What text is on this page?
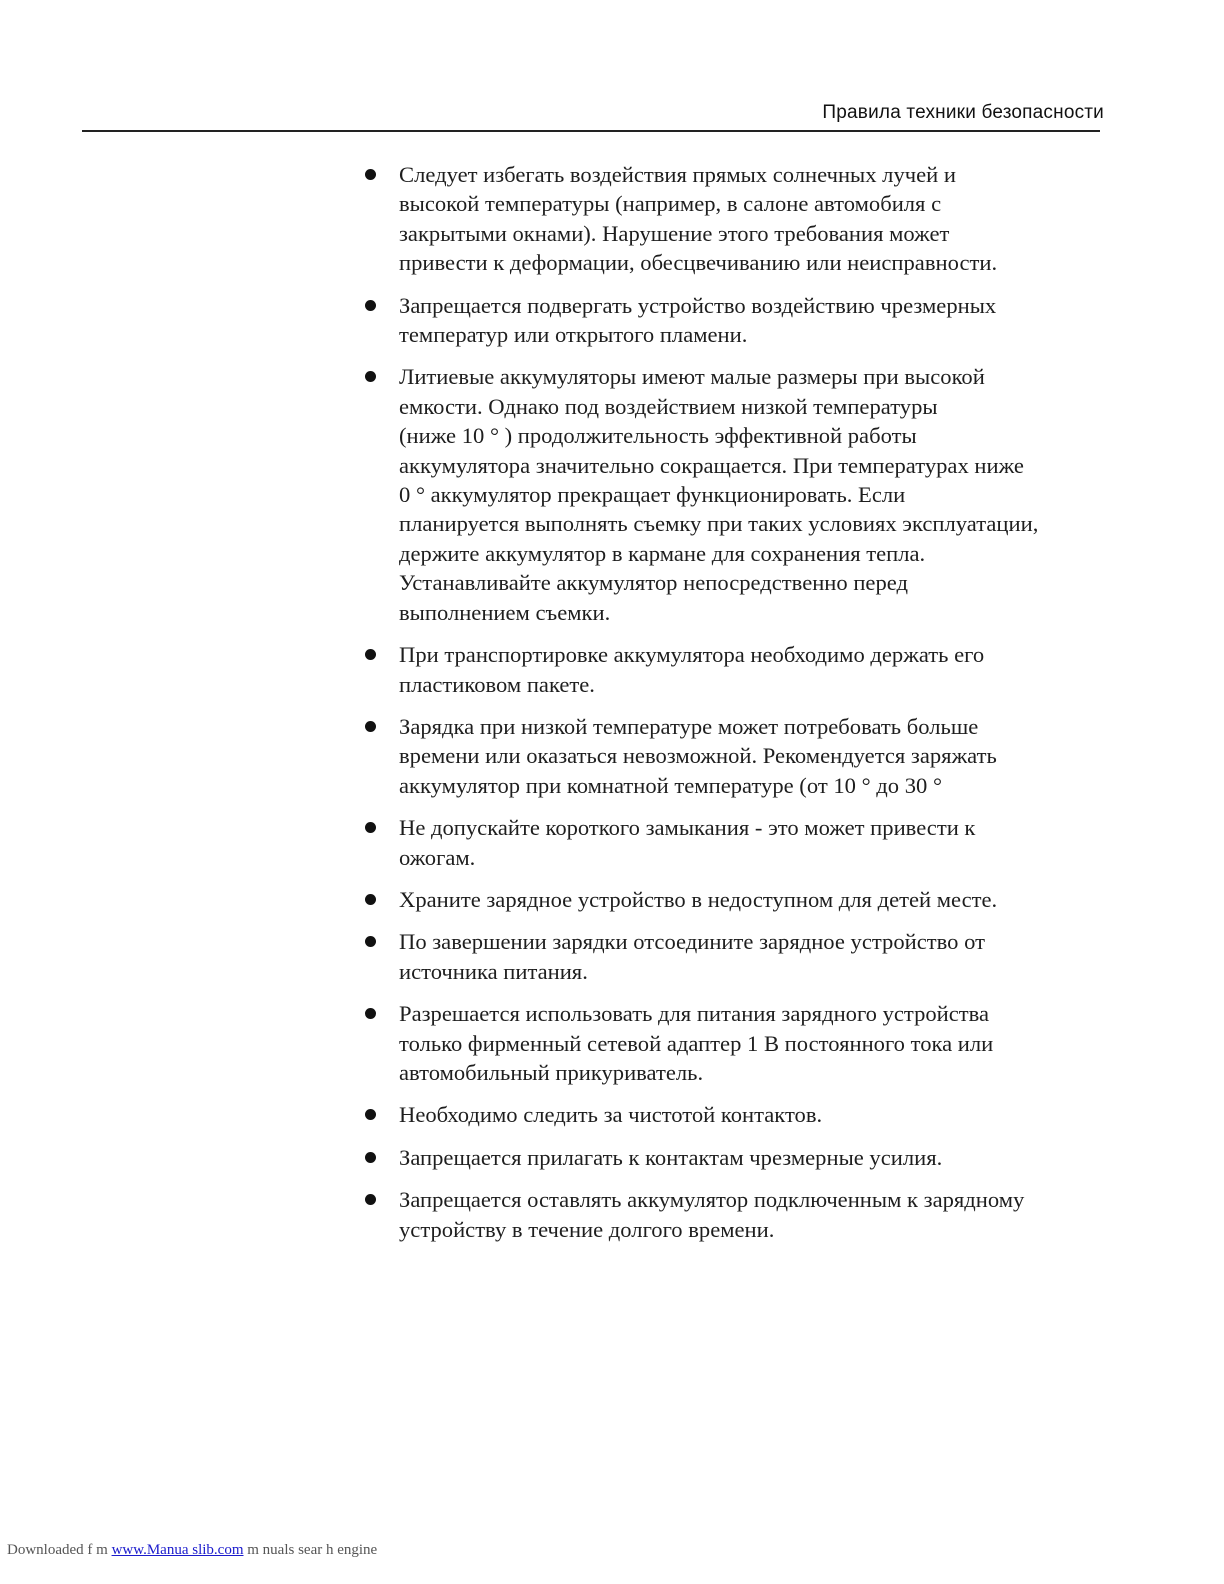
Правила техники безопасности
Следует избегать воздействия прямых солнечных лучей и
высокой температуры (например, в салоне автомобиля с
закрытыми окнами). Нарушение этого требования может
привести к деформации, обесцвечиванию или неисправности.
Запрещается подвергать устройство воздействию чрезмерных
температур или открытого пламени.
Литиевые аккумуляторы имеют малые размеры при высокой
емкости. Однако под воздействием низкой температуры
(ниже 10 ° ) продолжительность эффективной работы
аккумулятора значительно сокращается. При температурах ниже
0 ° аккумулятор прекращает функционировать. Если
планируется выполнять съемку при таких условиях эксплуатации,
держите аккумулятор в кармане для сохранения тепла.
Устанавливайте аккумулятор непосредственно перед
выполнением съемки.
При транспортировке аккумулятора необходимо держать его
пластиковом пакете.
Зарядка при низкой температуре может потребовать больше
времени или оказаться невозможной. Рекомендуется заряжать
аккумулятор при комнатной температуре (от 10 ° до 30 °
Не допускайте короткого замыкания - это может привести к
ожогам.
Храните зарядное устройство в недоступном для детей месте.
По завершении зарядки отсоедините зарядное устройство от
источника питания.
Разрешается использовать для питания зарядного устройства
только фирменный сетевой адаптер 1 В постоянного тока или
автомобильный прикуриватель.
Необходимо следить за чистотой контактов.
Запрещается прилагать к контактам чрезмерные усилия.
Запрещается оставлять аккумулятор подключенным к зарядному
устройству в течение долгого времени.
Downloaded f m www.Manua slib.com m nuals sear h engine
